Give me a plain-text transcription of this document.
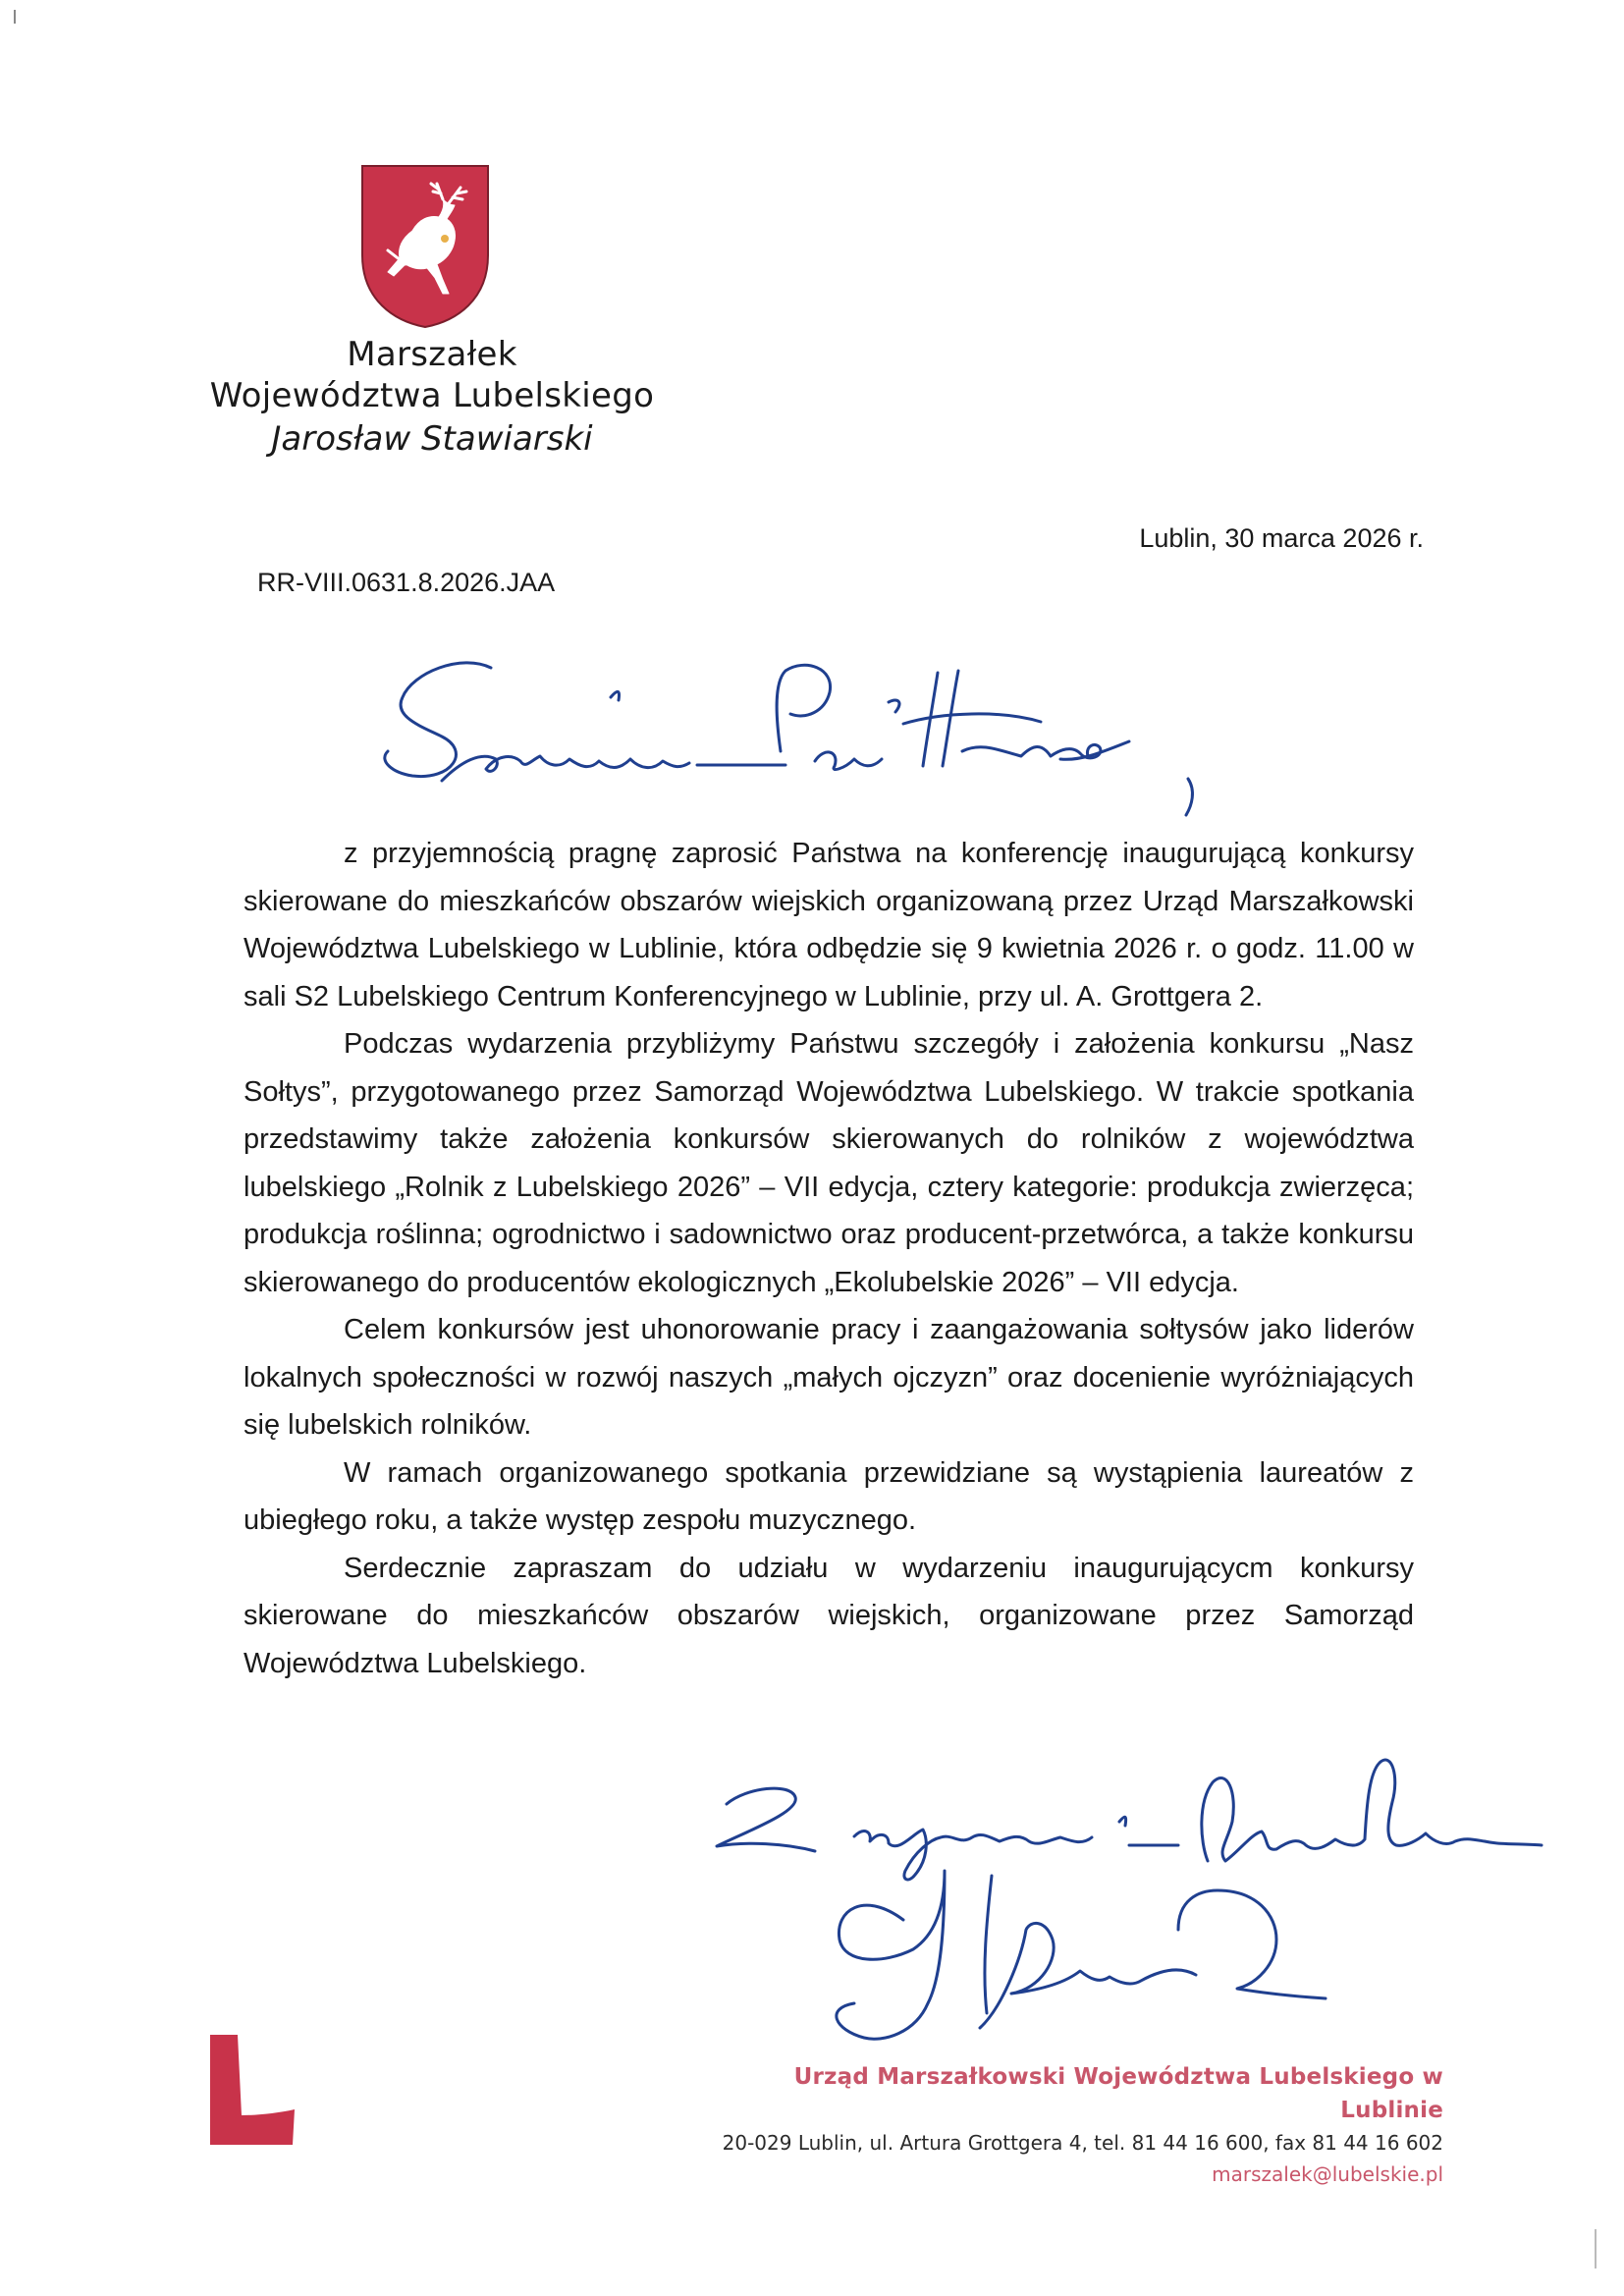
Marszałek
Województwa Lubelskiego
Jarosław Stawiarski
Lublin, 30 marca 2026 r.
RR-VIII.0631.8.2026.JAA

z przyjemnością pragnę zaprosić Państwa na konferencję inaugurującą konkursy skierowane do mieszkańców obszarów wiejskich organizowaną przez Urząd Marszałkowski Województwa Lubelskiego w Lublinie, która odbędzie się 9 kwietnia 2026 r. o godz. 11.00 w sali S2 Lubelskiego Centrum Konferencyjnego w Lublinie, przy ul. A. Grottgera 2.

Podczas wydarzenia przybliżymy Państwu szczegóły i założenia konkursu „Nasz Sołtys”, przygotowanego przez Samorząd Województwa Lubelskiego. W trakcie spotkania przedstawimy także założenia konkursów skierowanych do rolników z województwa lubelskiego „Rolnik z Lubelskiego 2026” – VII edycja, cztery kategorie: produkcja zwierzęca; produkcja roślinna; ogrodnictwo i sadownictwo oraz producent-przetwórca, a także konkursu skierowanego do producentów ekologicznych „Ekolubelskie 2026” – VII edycja.

Celem konkursów jest uhonorowanie pracy i zaangażowania sołtysów jako liderów lokalnych społeczności w rozwój naszych „małych ojczyzn” oraz docenienie wyróżniających się lubelskich rolników.

W ramach organizowanego spotkania przewidziane są wystąpienia laureatów z ubiegłego roku, a także występ zespołu muzycznego.

Serdecznie zapraszam do udziału w wydarzeniu inaugurującycm konkursy skierowane do mieszkańców obszarów wiejskich, organizowane przez Samorząd Województwa Lubelskiego.

Urząd Marszałkowski Województwa Lubelskiego w Lublinie
20-029 Lublin, ul. Artura Grottgera 4, tel. 81 44 16 600, fax 81 44 16 602
marszalek@lubelskie.pl
